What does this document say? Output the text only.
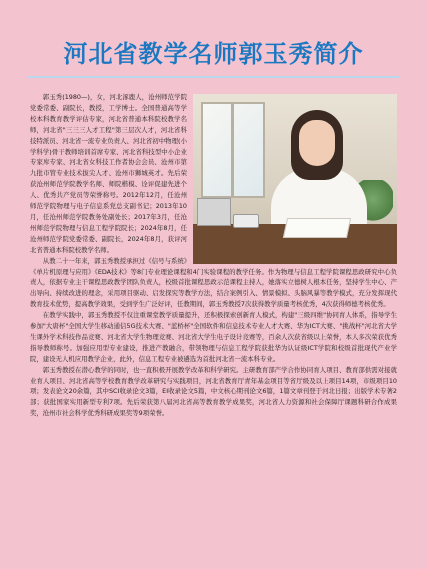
河北省教学名师郭玉秀简介

郭玉秀(1980—)，女，河北涿鹿人，沧州师范学院党委常委、副院长，教授，工学博士。全国普通高等学校本科教育教学评估专家，河北省普通本科院校教学名师，河北省"三三三人才工程"第三层次人才，河北省科技特派员、河北省一流专业负责人、河北省初中物理(小学科学)骨干教师培训首席专家、河北省科技型中小企业专家库专家、河北省女科技工作者协会会员、沧州市第九批市管专业技术拔尖人才、沧州市狮城英才。先后荣获沧州师范学院教学名师、师院楷模、诠评促建先进个人、优秀共产党员等荣誉称号。2012年12月，任沧州师范学院物理与电子信息系党总支副书记；2013年10月，任沧州师范学院教务处副处长；2017年3月，任沧州师范学院物理与信息工程学院院长；2024年8月，任沧州师范学院党委常委、副院长，2024年8月，获评河北省普通本科院校教学名师。

从教二十一年来，郭玉秀教授承担过《信号与系统》《单片机原理与应用》《EDA技术》等8门专业理论课程和4门实验课程的教学任务。作为物理与信息工程学院课程思政研究中心负责人，依据专业主干课程思政教学团队负责人，校级首批课程思政示范课程主持人，她落实立德树人根本任务，坚持学生中心、产出导向、持续改进的理念，采用项目驱动、启发探究等教学方法，结合案例引入、情景模拟、头脑风暴等教学模式，充分发挥现代教育技术优势，提高教学效果，受到学生广泛好评，任教期间，郭玉秀教授7次获得教学质量考核优秀，4次获得师德考核优秀。

在教学实践中，郭玉秀教授不仅注重课堂教学质量提升，还积极探索创新育人模式，构建"三级四维"协同育人体系，指导学生参加"大唐杯"全国大学生移动通信5G技术大赛、"蓝桥杯"全国软件和信息技术专业人才大赛、华为ICT大赛、"挑战杯"河北省大学生课外学术科技作品竞赛、河北省大学生物理竞赛、河北省大学生电子设计竞赛等，百余人次获省级以上荣誉，本人多次荣获优秀指导教师称号。加强应用型专业建设，推进产教融合，带领物理与信息工程学院获批华为认证级ICT学院和校级首批现代产业学院，建设无人机应用教学企业，此外，信息工程专业被遴选为首批河北省一流本科专业。

郭玉秀教授在潜心教学的同时，也一直积极开展教学改革和科学研究。主研教育部产学合作协同育人项目、教育部供需对接就业育人项目、河北省高等学校教育教学改革研究与实践项目，河北省教育厅青年基金项目等省厅级及以上项目14项，市级项目10项；发表论文20余篇，其中SCI收录论文3篇，EI收录论文5篇，中文核心期刊论文6篇，1篇文章刊登于河北日报；出版学术专著2部；获批国家实用新型专利7项。先后荣获第八届河北省高等教育教学成果奖，河北省人力资源和社会保障厅课题科研合作成果奖，沧州市社会科学优秀科研成果奖等9项荣誉。
